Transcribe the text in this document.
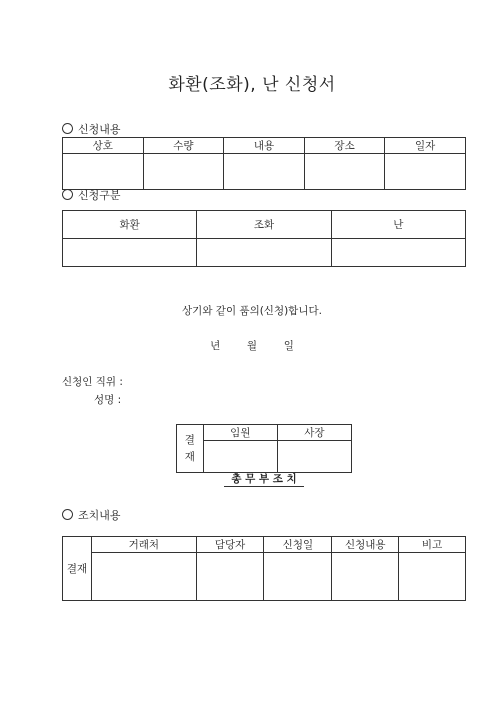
화환(조화), 난 신청서
신청내용
상호	수량	내용	장소	일자

신청구분
화환	조화	난

상기와 같이 품의(신청)합니다.
년	월	일
신청인 직위 :
성명 :
결
재	임원	사장

총 무 부 조 치
조치내용
결재	거래처	담당자	신청일	신청내용	비고
